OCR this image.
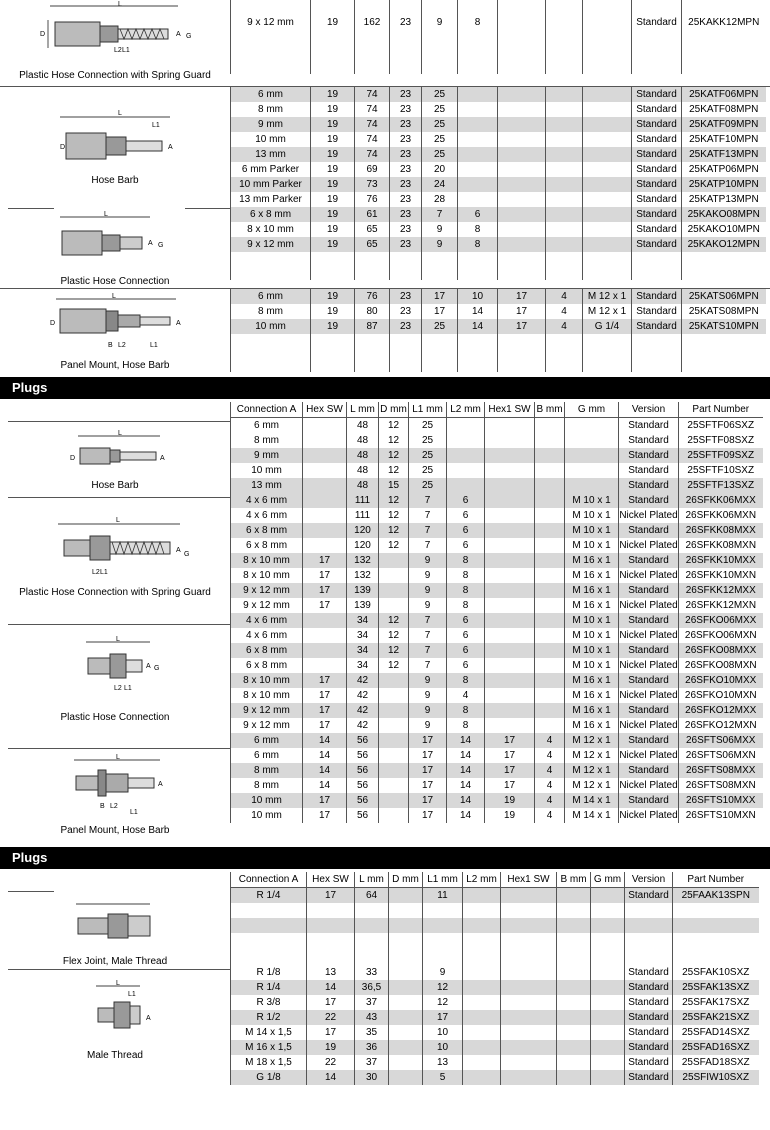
L
D	A G
L2 L1
Plastic Hose Connection with Spring Guard

9 x 12 mm	19	162	23	9	8				Standard	25KAKK12MPN

L
L1
D	A
Hose Barb
L
A G
Plastic Hose Connection
6 mm	19	74	23	25					Standard	25KATF06MPN
8 mm	19	74	23	25					Standard	25KATF08MPN
9 mm	19	74	23	25					Standard	25KATF09MPN
10 mm	19	74	23	25					Standard	25KATF10MPN
13 mm	19	74	23	25					Standard	25KATF13MPN
6 mm Parker	19	69	23	20					Standard	25KATP06MPN
10 mm Parker	19	73	23	24					Standard	25KATP10MPN
13 mm Parker	19	76	23	28					Standard	25KATP13MPN
6 x 8 mm	19	61	23	7	6				Standard	25KAKO08MPN
8 x 10 mm	19	65	23	9	8				Standard	25KAKO10MPN
9 x 12 mm	19	65	23	9	8				Standard	25KAKO12MPN

L
A
D
B L2	L1
Panel Mount, Hose Barb
6 mm	19	76	23	17	10	17	4	M 12 x 1	Standard	25KATS06MPN
8 mm	19	80	23	17	14	17	4	M 12 x 1	Standard	25KATS08MPN
10 mm	19	87	23	25	14	17	4	G 1/4	Standard	25KATS10MPN

Plugs
L
D	A
Hose Barb
L
A
G
L2 L1
Plastic Hose Connection with Spring Guard
L
A G
L2 L1
Plastic Hose Connection
L
A
B L2
L1
Panel Mount, Hose Barb
Connection A	Hex SW	L mm	D mm	L1 mm	L2 mm	Hex1 SW	B mm	G mm	Version	Part Number
6 mm		48	12	25					Standard	25SFTF06SXZ
8 mm		48	12	25					Standard	25SFTF08SXZ
9 mm		48	12	25					Standard	25SFTF09SXZ
10 mm		48	12	25					Standard	25SFTF10SXZ
13 mm		48	15	25					Standard	25SFTF13SXZ
4 x 6 mm		111	12	7	6			M 10 x 1	Standard	26SFKK06MXX
4 x 6 mm		111	12	7	6			M 10 x 1	Nickel Plated	26SFKK06MXN
6 x 8 mm		120	12	7	6			M 10 x 1	Standard	26SFKK08MXX
6 x 8 mm		120	12	7	6			M 10 x 1	Nickel Plated	26SFKK08MXN
8 x 10 mm	17	132		9	8			M 16 x 1	Standard	26SFKK10MXX
8 x 10 mm	17	132		9	8			M 16 x 1	Nickel Plated	26SFKK10MXN
9 x 12 mm	17	139		9	8			M 16 x 1	Standard	26SFKK12MXX
9 x 12 mm	17	139		9	8			M 16 x 1	Nickel Plated	26SFKK12MXN
4 x 6 mm		34	12	7	6			M 10 x 1	Standard	26SFKO06MXX
4 x 6 mm		34	12	7	6			M 10 x 1	Nickel Plated	26SFKO06MXN
6 x 8 mm		34	12	7	6			M 10 x 1	Standard	26SFKO08MXX
6 x 8 mm		34	12	7	6			M 10 x 1	Nickel Plated	26SFKO08MXN
8 x 10 mm	17	42		9	8			M 16 x 1	Standard	26SFKO10MXX
8 x 10 mm	17	42		9	4			M 16 x 1	Nickel Plated	26SFKO10MXN
9 x 12 mm	17	42		9	8			M 16 x 1	Standard	26SFKO12MXX
9 x 12 mm	17	42		9	8			M 16 x 1	Nickel Plated	26SFKO12MXN
6 mm	14	56		17	14	17	4	M 12 x 1	Standard	26SFTS06MXX
6 mm	14	56		17	14	17	4	M 12 x 1	Nickel Plated	26SFTS06MXN
8 mm	14	56		17	14	17	4	M 12 x 1	Standard	26SFTS08MXX
8 mm	14	56		17	14	17	4	M 12 x 1	Nickel Plated	26SFTS08MXN
10 mm	17	56		17	14	19	4	M 14 x 1	Standard	26SFTS10MXX
10 mm	17	56		17	14	19	4	M 14 x 1	Nickel Plated	26SFTS10MXN
Plugs
Flex Joint, Male Thread
L
L1
A
Male Thread
Connection A	Hex SW	L mm	D mm	L1 mm	L2 mm	Hex1 SW	B mm	G mm	Version	Part Number
R 1/4	17	64		11					Standard	25FAAK13SPN

R 1/8	13	33		9					Standard	25SFAK10SXZ
R 1/4	14	36,5		12					Standard	25SFAK13SXZ
R 3/8	17	37		12					Standard	25SFAK17SXZ
R 1/2	22	43		17					Standard	25SFAK21SXZ
M 14 x 1,5	17	35		10					Standard	25SFAD14SXZ
M 16 x 1,5	19	36		10					Standard	25SFAD16SXZ
M 18 x 1,5	22	37		13					Standard	25SFAD18SXZ
G 1/8	14	30		5					Standard	25SFIW10SXZ
